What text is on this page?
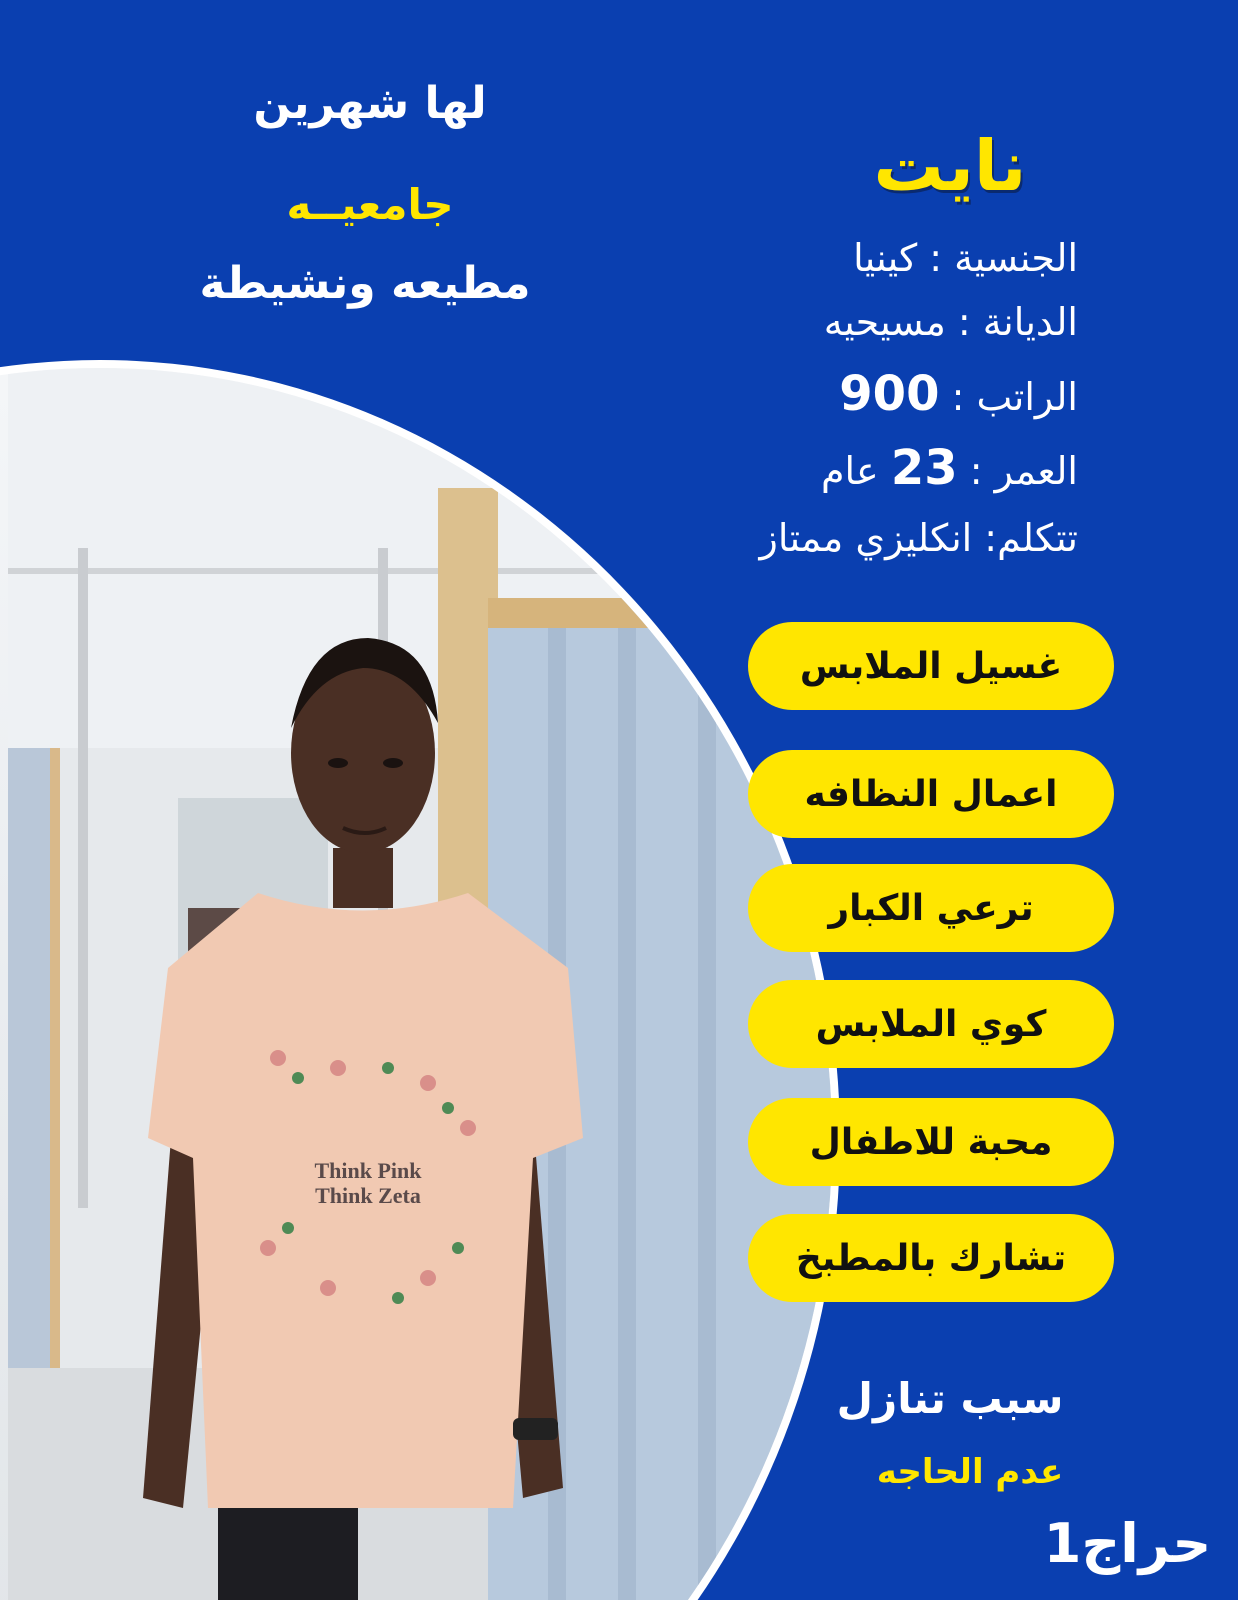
Think Pink
Think Zeta
لها شهرين
جامعيــه
مطيعه ونشيطة
نايت
الجنسية : كينيا
الديانة : مسيحيه
الراتب : 900
العمر : 23 عام
تتكلم: انكليزي ممتاز
غسيل الملابس
اعمال النظافه
ترعي الكبار
كوي الملابس
محبة للاطفال
تشارك بالمطبخ
سبب تنازل
عدم الحاجه
حراج1
